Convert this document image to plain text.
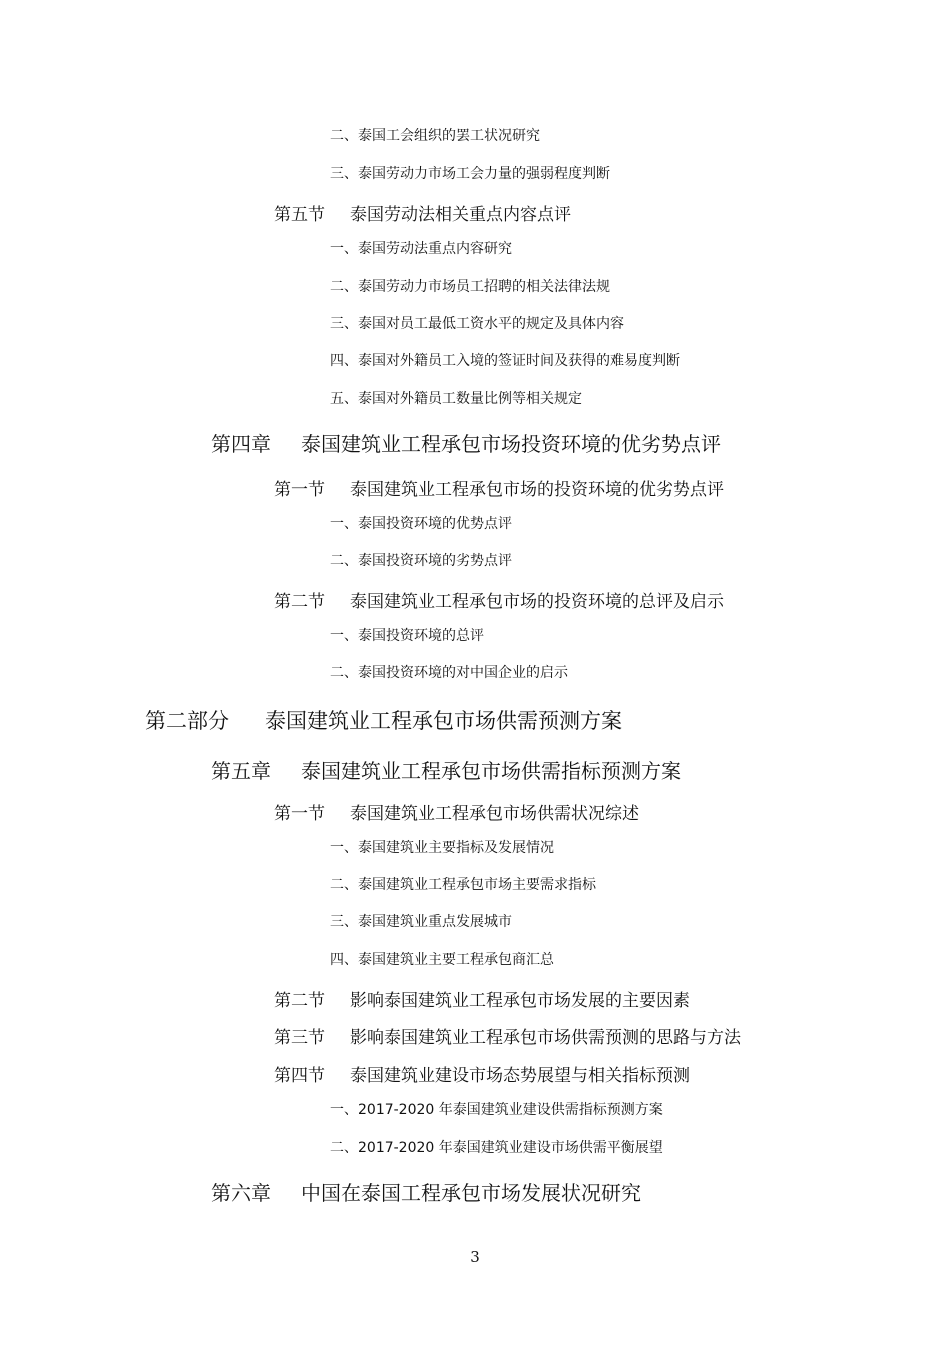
二、 泰国工会组织的罢工状况研究
三、 泰国劳动力市场工会力量的强弱程度判断
第五节	泰国劳动法相关重点内容点评
一、 泰国劳动法重点内容研究
二、 泰国劳动力市场员工招聘的相关法律法规
三、 泰国对员工最低工资水平的规定及具体内容
四、 泰国对外籍员工入境的签证时间及获得的难易度判断
五、 泰国对外籍员工数量比例等相关规定
第四章	泰国建筑业工程承包市场投资环境的优劣势点评
第一节	泰国建筑业工程承包市场的投资环境的优劣势点评
一、 泰国投资环境的优势点评
二、 泰国投资环境的劣势点评
第二节	泰国建筑业工程承包市场的投资环境的总评及启示
一、 泰国投资环境的总评
二、 泰国投资环境的对中国企业的启示
第二部分	泰国建筑业工程承包市场供需预测方案
第五章	泰国建筑业工程承包市场供需指标预测方案
第一节	泰国建筑业工程承包市场供需状况综述
一、 泰国建筑业主要指标及发展情况
二、 泰国建筑业工程承包市场主要需求指标
三、 泰国建筑业重点发展城市
四、 泰国建筑业主要工程承包商汇总
第二节	影响泰国建筑业工程承包市场发展的主要因素
第三节	影响泰国建筑业工程承包市场供需预测的思路与方法
第四节	泰国建筑业建设市场态势展望与相关指标预测
一、 2017-2020 年泰国建筑业建设供需指标预测方案
二、 2017-2020 年泰国建筑业建设市场供需平衡展望
第六章	中国在泰国工程承包市场发展状况研究
3
